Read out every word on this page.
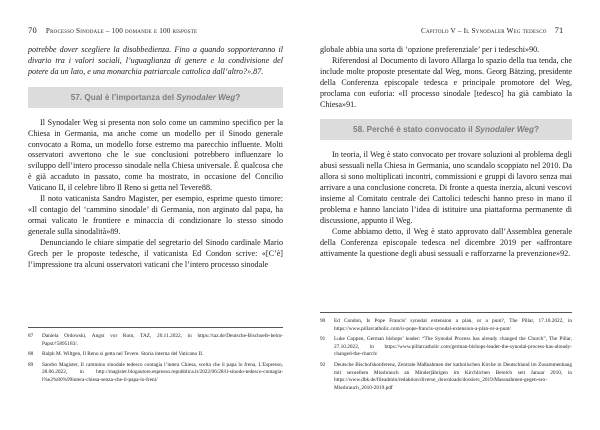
70 Processo Sinodale – 100 domande e 100 risposte

potrebbe dover scegliere la disobbedienza. Fino a quando sopporteranno il divario tra i valori sociali, l’uguaglianza di genere e la condivisione del potere da un lato, e una monarchia patriarcale cattolica dall’altro?».87.

57. Qual è l’importanza del Synodaler Weg?

Il Synodaler Weg si presenta non solo come un cammino specifico per la Chiesa in Germania, ma anche come un modello per il Sinodo generale convocato a Roma, un modello forse estremo ma parecchio influente. Molti osservatori avvertono che le sue conclusioni potrebbero influenzare lo sviluppo dell’intero processo sinodale nella Chiesa universale. È qualcosa che è già accaduto in passato, come ha mostrato, in occasione del Concilio Vaticano II, il celebre libro Il Reno si getta nel Tevere88.

Il noto vaticanista Sandro Magister, per esempio, esprime questo timore: «Il contagio del ‘cammino sinodale’ di Germania, non arginato dal papa, ha ormai valicato le frontiere e minaccia di condizionare lo stesso sinodo generale sulla sinodalità»89.

Denunciando le chiare simpatie del segretario del Sinodo cardinale Mario Grech per le proposte tedesche, il vaticanista Ed Condon scrive: «[C’è] l’impressione tra alcuni osservatori vaticani che l’intero processo sinodale

87	Daniela Ordowski, Angst vor Rom, TAZ, 20.11.2022, in https://taz.de/Deutsche-Bischoefe-beim-Papst/!5895183/.
88	Ralph M. Wiltgen, Il Reno si getta nel Tevere. Storia interna del Vaticano II.
89	Sandro Magister, Il cammino sinodale tedesco contagia l’intera Chiesa, scelta che il papa lo frena, L’Espresso, 28.06.2022, in http://magister.blogautore.espresso.repubblica.it/2022/06/28/il-sinodo-tedesco-contagia-l%e2%80%99intera-chiesa-senza-che-il-papa-lo-freni/
Capitolo V – Il Synodaler Weg tedesco 71

globale abbia una sorta di ‘opzione preferenziale’ per i tedeschi»90.

Riferendosi al Documento di lavoro Allarga lo spazio della tua tenda, che include molte proposte presentate dal Weg, mons. Georg Bätzing, presidente della Conferenza episcopale tedesca e principale promotore del Weg, proclama con euforia: «Il processo sinodale [tedesco] ha già cambiato la Chiesa»91.

58. Perché è stato convocato il Synodaler Weg?

In teoria, il Weg è stato convocato per trovare soluzioni al problema degli abusi sessuali nella Chiesa in Germania, uno scandalo scoppiato nel 2010. Da allora si sono moltiplicati incontri, commissioni e gruppi di lavoro senza mai arrivare a una conclusione concreta. Di fronte a questa inerzia, alcuni vescovi insieme al Comitato centrale dei Cattolici tedeschi hanno preso in mano il problema e hanno lanciato l’idea di istituire una piattaforma permanente di discussione, appunto il Weg.

Come abbiamo detto, il Weg è stato approvato dall’Assemblea generale della Conferenza episcopale tedesca nel dicembre 2019 per «affrontare attivamente la questione degli abusi sessuali e rafforzarne la prevenzione»92.

90	Ed Condon, Is Pope Francis’ synodal extension a plan, or a punt?, The Pillar, 17.10.2022, in https://www.pillarcatholic.com/is-pope-francis-synodal-extension-a-plan-or-a-punt/
91	Luke Coppen, German bishops’ leader: “The Synodal Process has already changed the Church”, The Pillar, 27.10.2022, in https://www.pillarcatholic.com/german-bishops-leader-the-synodal-process-has-already-changed-the-church/
92	Deutsche Bischofskonferenz, Zentrale Maßnahmen der katholischen Kirche in Deutschland im Zusammenhang mit sexuellem Missbrauch an Minderjährigen im Kirchlichen Bereich seit Januar 2010, in https://www.dbk.de/fileadmin/redaktion/diverse_downloads/dossiers_2019/Massnahmen-gegen-sex-Missbrauch_2010-2019.pdf
